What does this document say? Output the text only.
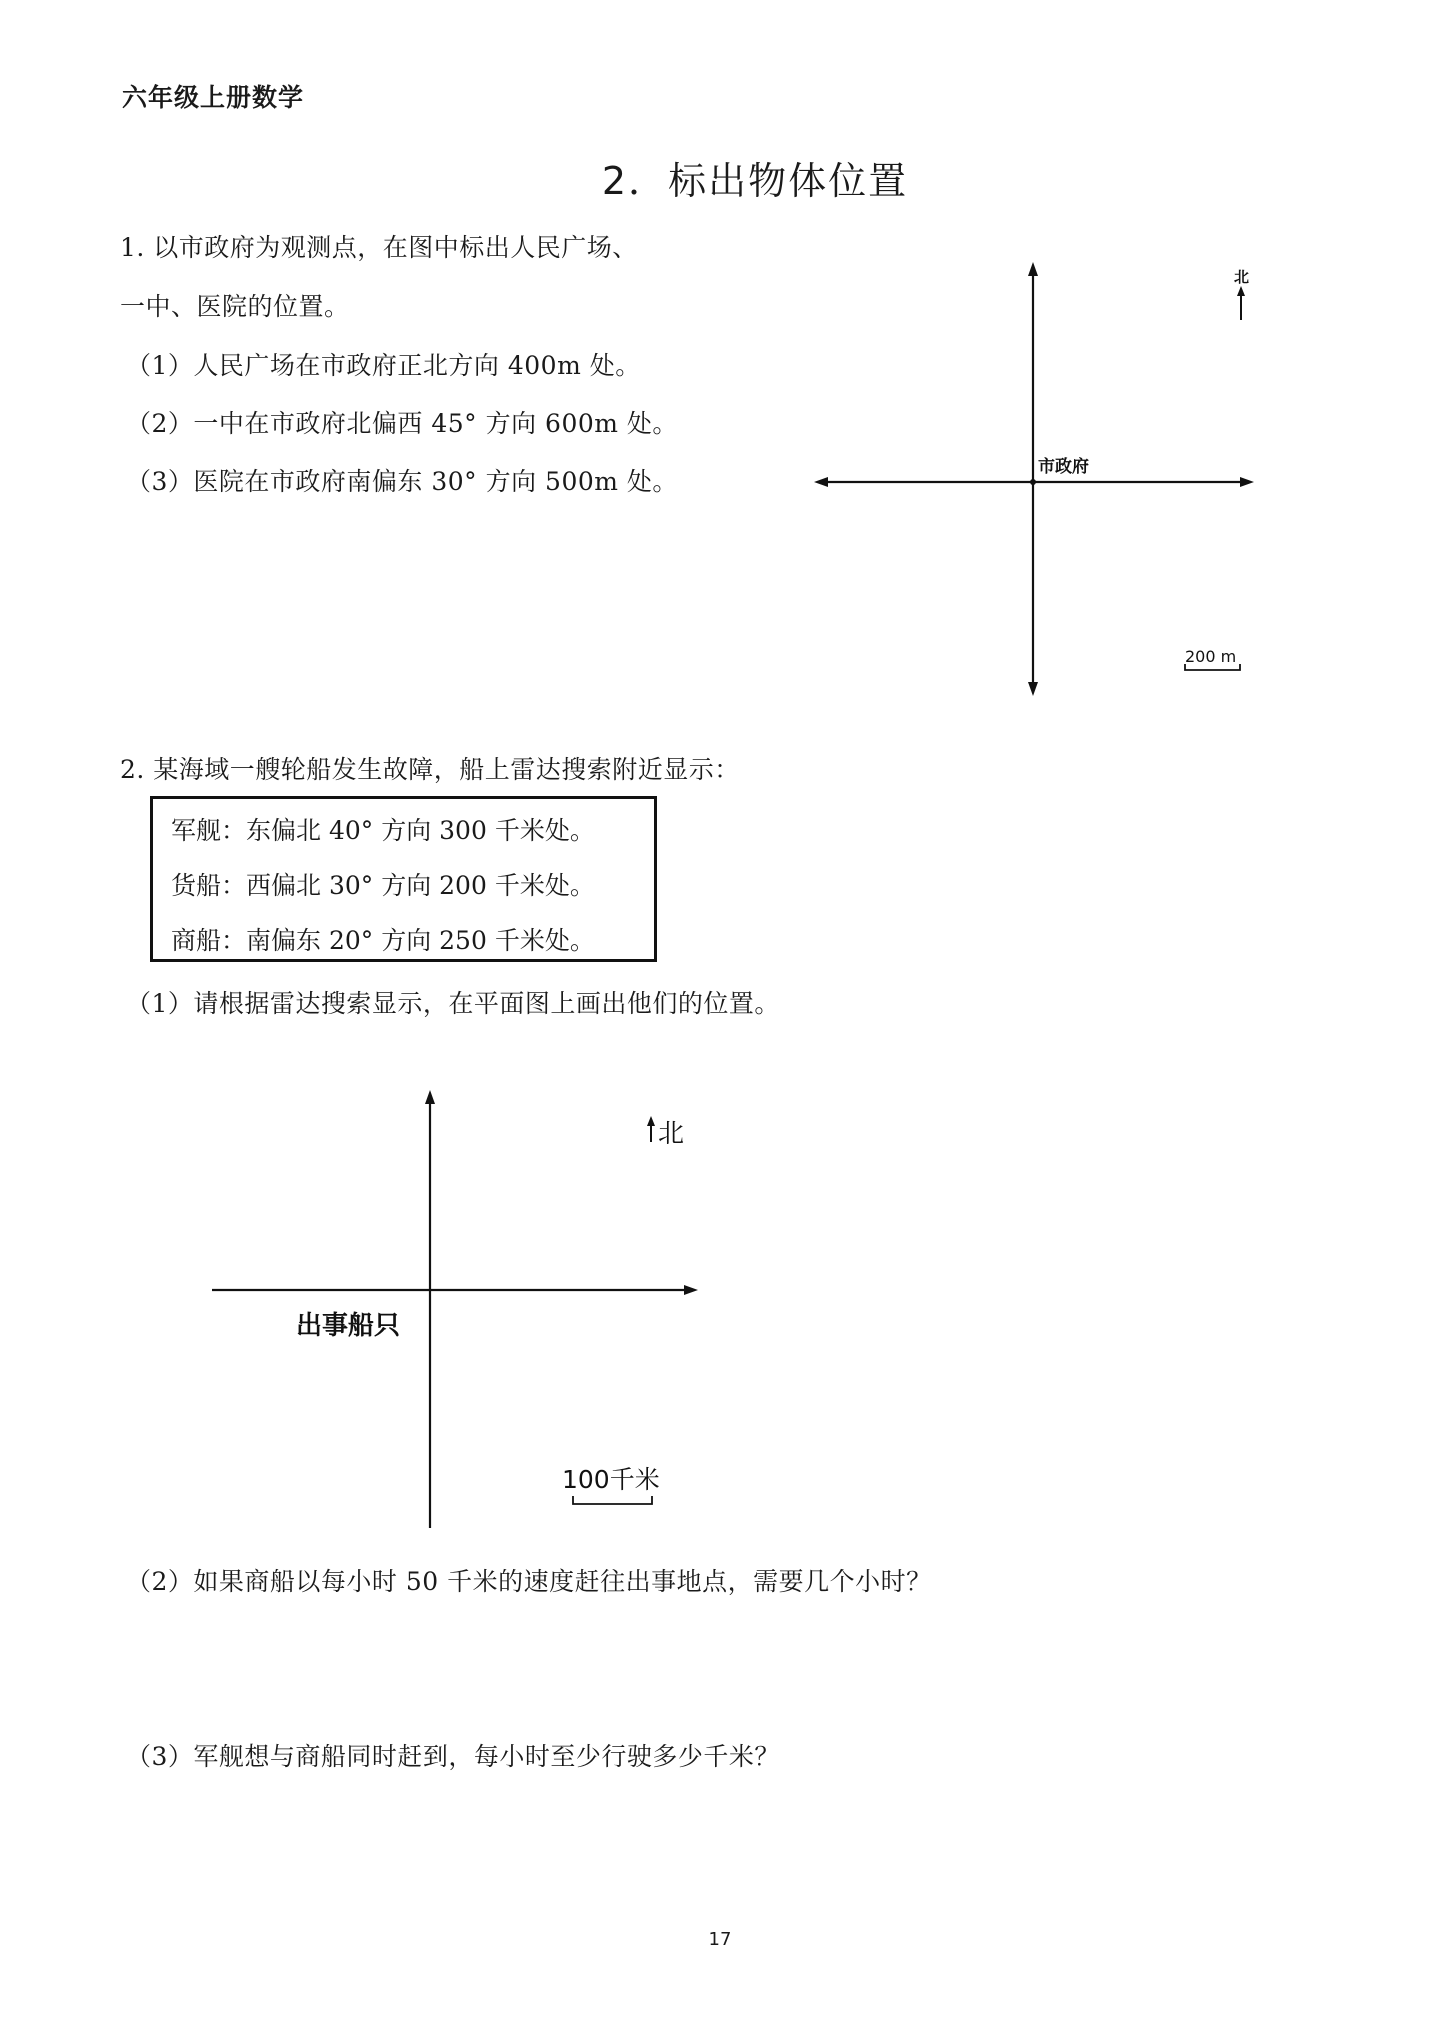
六年级上册数学
2．标出物体位置
1. 以市政府为观测点，在图中标出人民广场、
一中、医院的位置。
（1）人民广场在市政府正北方向 400m 处。
（2）一中在市政府北偏西 45° 方向 600m 处。
（3）医院在市政府南偏东 30° 方向 500m 处。	市政府
北
200 m
2. 某海域一艘轮船发生故障，船上雷达搜索附近显示：
军舰：东偏北 40° 方向 300 千米处。
货船：西偏北 30° 方向 200 千米处。
商船：南偏东 20° 方向 250 千米处。
（1）请根据雷达搜索显示，在平面图上画出他们的位置。
出事船只
北
100千米
（2）如果商船以每小时 50 千米的速度赶往出事地点，需要几个小时？
（3）军舰想与商船同时赶到，每小时至少行驶多少千米？
17
